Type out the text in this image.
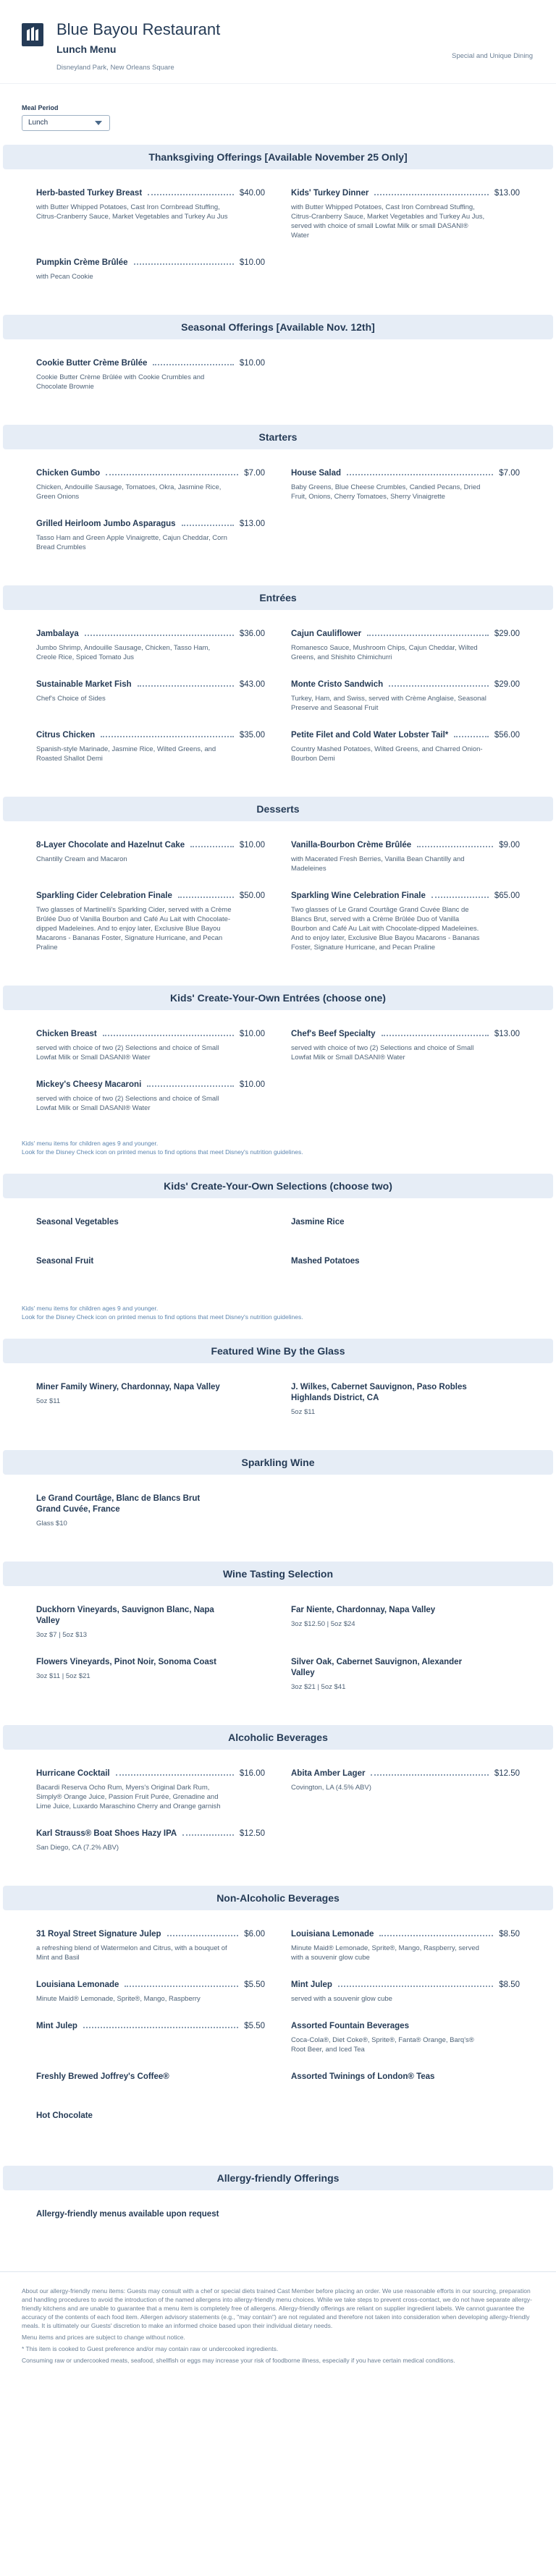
Blue Bayou Restaurant
Lunch Menu
Disneyland Park, New Orleans Square
Special and Unique Dining
Meal Period
Lunch
Thanksgiving Offerings [Available November 25 Only]
Herb-basted Turkey Breast	$40.00
with Butter Whipped Potatoes, Cast Iron Cornbread Stuffing, Citrus-Cranberry Sauce, Market Vegetables and Turkey Au Jus
Kids' Turkey Dinner	$13.00
with Butter Whipped Potatoes, Cast Iron Cornbread Stuffing, Citrus-Cranberry Sauce, Market Vegetables and Turkey Au Jus, served with choice of small Lowfat Milk or small DASANI® Water
Pumpkin Crème Brûlée	$10.00
with Pecan Cookie
Seasonal Offerings [Available Nov. 12th]
Cookie Butter Crème Brûlée	$10.00
Cookie Butter Crème Brûlée with Cookie Crumbles and Chocolate Brownie
Starters
Chicken Gumbo	$7.00
Chicken, Andouille Sausage, Tomatoes, Okra, Jasmine Rice, Green Onions
House Salad	$7.00
Baby Greens, Blue Cheese Crumbles, Candied Pecans, Dried Fruit, Onions, Cherry Tomatoes, Sherry Vinaigrette
Grilled Heirloom Jumbo Asparagus	$13.00
Tasso Ham and Green Apple Vinaigrette, Cajun Cheddar, Corn Bread Crumbles
Entrées
Jambalaya	$36.00
Jumbo Shrimp, Andouille Sausage, Chicken, Tasso Ham, Creole Rice, Spiced Tomato Jus
Cajun Cauliflower	$29.00
Romanesco Sauce, Mushroom Chips, Cajun Cheddar, Wilted Greens, and Shishito Chimichurri
Sustainable Market Fish	$43.00
Chef's Choice of Sides
Monte Cristo Sandwich	$29.00
Turkey, Ham, and Swiss, served with Crème Anglaise, Seasonal Preserve and Seasonal Fruit
Citrus Chicken	$35.00
Spanish-style Marinade, Jasmine Rice, Wilted Greens, and Roasted Shallot Demi
Petite Filet and Cold Water Lobster Tail*	$56.00
Country Mashed Potatoes, Wilted Greens, and Charred Onion-Bourbon Demi
Desserts
8-Layer Chocolate and Hazelnut Cake	$10.00
Chantilly Cream and Macaron
Vanilla-Bourbon Crème Brûlée	$9.00
with Macerated Fresh Berries, Vanilla Bean Chantilly and Madeleines
Sparkling Cider Celebration Finale	$50.00
Two glasses of Martinelli's Sparkling Cider, served with a Crème Brûlée Duo of Vanilla Bourbon and Café Au Lait with Chocolate-dipped Madeleines. And to enjoy later, Exclusive Blue Bayou Macarons - Bananas Foster, Signature Hurricane, and Pecan Praline
Sparkling Wine Celebration Finale	$65.00
Two glasses of Le Grand Courtâge Grand Cuvée Blanc de Blancs Brut, served with a Crème Brûlée Duo of Vanilla Bourbon and Café Au Lait with Chocolate-dipped Madeleines. And to enjoy later, Exclusive Blue Bayou Macarons - Bananas Foster, Signature Hurricane, and Pecan Praline
Kids' Create-Your-Own Entrées (choose one)
Chicken Breast	$10.00
served with choice of two (2) Selections and choice of Small Lowfat Milk or Small DASANI® Water
Chef's Beef Specialty	$13.00
served with choice of two (2) Selections and choice of Small Lowfat Milk or Small DASANI® Water
Mickey's Cheesy Macaroni	$10.00
served with choice of two (2) Selections and choice of Small Lowfat Milk or Small DASANI® Water
Kids' menu items for children ages 9 and younger.
Look for the Disney Check icon on printed menus to find options that meet Disney's nutrition guidelines.
Kids' Create-Your-Own Selections (choose two)
Seasonal Vegetables	Jasmine Rice
Seasonal Fruit	Mashed Potatoes
Kids' menu items for children ages 9 and younger.
Look for the Disney Check icon on printed menus to find options that meet Disney's nutrition guidelines.
Featured Wine By the Glass
Miner Family Winery, Chardonnay, Napa Valley
5oz $11
J. Wilkes, Cabernet Sauvignon, Paso Robles Highlands District, CA
5oz $11
Sparkling Wine
Le Grand Courtâge, Blanc de Blancs Brut Grand Cuvée, France
Glass $10
Wine Tasting Selection
Duckhorn Vineyards, Sauvignon Blanc, Napa Valley
3oz $7 | 5oz $13
Far Niente, Chardonnay, Napa Valley
3oz $12.50 | 5oz $24
Flowers Vineyards, Pinot Noir, Sonoma Coast
3oz $11 | 5oz $21
Silver Oak, Cabernet Sauvignon, Alexander Valley
3oz $21 | 5oz $41
Alcoholic Beverages
Hurricane Cocktail	$16.00
Bacardi Reserva Ocho Rum, Myers's Original Dark Rum, Simply® Orange Juice, Passion Fruit Purée, Grenadine and Lime Juice, Luxardo Maraschino Cherry and Orange garnish
Abita Amber Lager	$12.50
Covington, LA (4.5% ABV)
Karl Strauss® Boat Shoes Hazy IPA	$12.50
San Diego, CA (7.2% ABV)
Non-Alcoholic Beverages
31 Royal Street Signature Julep	$6.00
a refreshing blend of Watermelon and Citrus, with a bouquet of Mint and Basil
Louisiana Lemonade	$8.50
Minute Maid® Lemonade, Sprite®, Mango, Raspberry, served with a souvenir glow cube
Louisiana Lemonade	$5.50
Minute Maid® Lemonade, Sprite®, Mango, Raspberry
Mint Julep	$8.50
served with a souvenir glow cube
Mint Julep	$5.50	Assorted Fountain Beverages
Coca-Cola®, Diet Coke®, Sprite®, Fanta® Orange, Barq's® Root Beer, and Iced Tea
Freshly Brewed Joffrey's Coffee®	Assorted Twinings of London® Teas
Hot Chocolate
Allergy-friendly Offerings
Allergy-friendly menus available upon request

About our allergy-friendly menu items: Guests may consult with a chef or special diets trained Cast Member before placing an order. We use reasonable efforts in our sourcing, preparation and handling procedures to avoid the introduction of the named allergens into allergy-friendly menu choices. While we take steps to prevent cross-contact, we do not have separate allergy-friendly kitchens and are unable to guarantee that a menu item is completely free of allergens. Allergy-friendly offerings are reliant on supplier ingredient labels. We cannot guarantee the accuracy of the contents of each food item. Allergen advisory statements (e.g., "may contain") are not regulated and therefore not taken into consideration when developing allergy-friendly meals. It is ultimately our Guests' discretion to make an informed choice based upon their individual dietary needs.

Menu items and prices are subject to change without notice.

* This item is cooked to Guest preference and/or may contain raw or undercooked ingredients.

Consuming raw or undercooked meats, seafood, shellfish or eggs may increase your risk of foodborne illness, especially if you have certain medical conditions.
